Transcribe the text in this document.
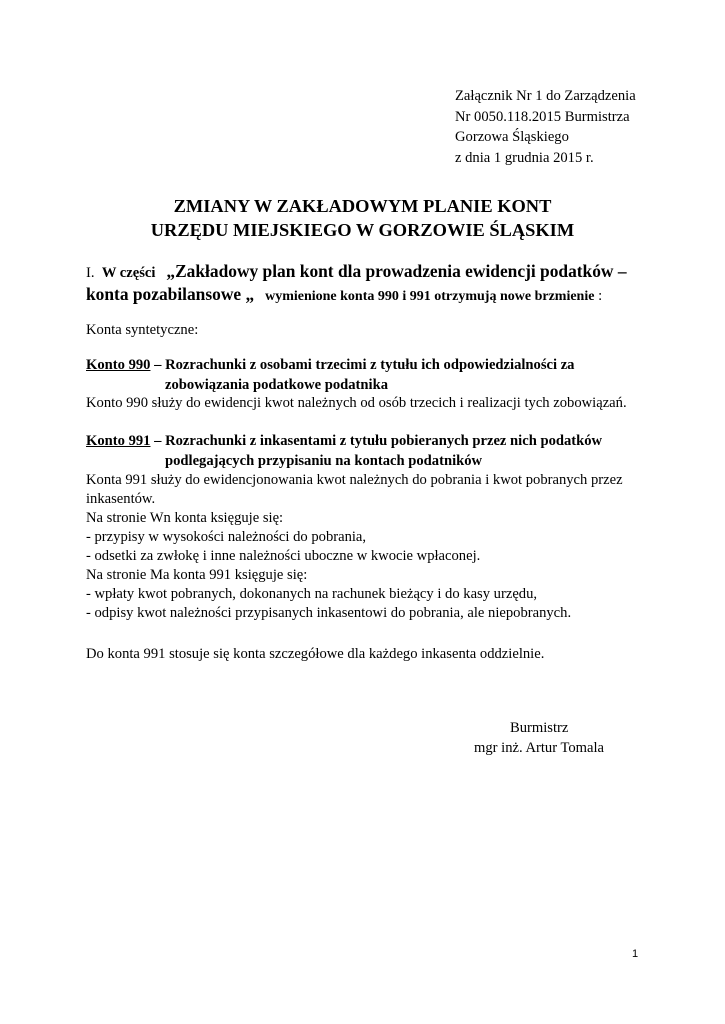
Załącznik Nr 1 do Zarządzenia
Nr 0050.118.2015 Burmistrza
Gorzowa Śląskiego
z dnia 1 grudnia 2015 r.
ZMIANY W ZAKŁADOWYM PLANIE KONT
URZĘDU MIEJSKIEGO W GORZOWIE ŚLĄSKIM
I. W części „Zakładowy plan kont dla prowadzenia ewidencji podatków –
konta pozabilansowe „ wymienione konta 990 i 991 otrzymują nowe brzmienie :
Konta syntetyczne:
Konto 990 – Rozrachunki z osobami trzecimi z tytułu ich odpowiedzialności za
zobowiązania podatkowe podatnika
Konto 990 służy do ewidencji kwot należnych od osób trzecich i realizacji tych zobowiązań.
Konto 991 – Rozrachunki z inkasentami z tytułu pobieranych przez nich podatków
podlegających przypisaniu na kontach podatników
Konta 991 służy do ewidencjonowania kwot należnych do pobrania i kwot pobranych przez
inkasentów.
Na stronie Wn konta księguje się:
- przypisy w wysokości należności do pobrania,
- odsetki za zwłokę i inne należności uboczne w kwocie wpłaconej.
Na stronie Ma konta 991 księguje się:
- wpłaty kwot pobranych, dokonanych na rachunek bieżący i do kasy urzędu,
- odpisy kwot należności przypisanych inkasentowi do pobrania, ale niepobranych.
Do konta 991 stosuje się konta szczegółowe dla każdego inkasenta oddzielnie.
Burmistrz
mgr inż. Artur Tomala
1
